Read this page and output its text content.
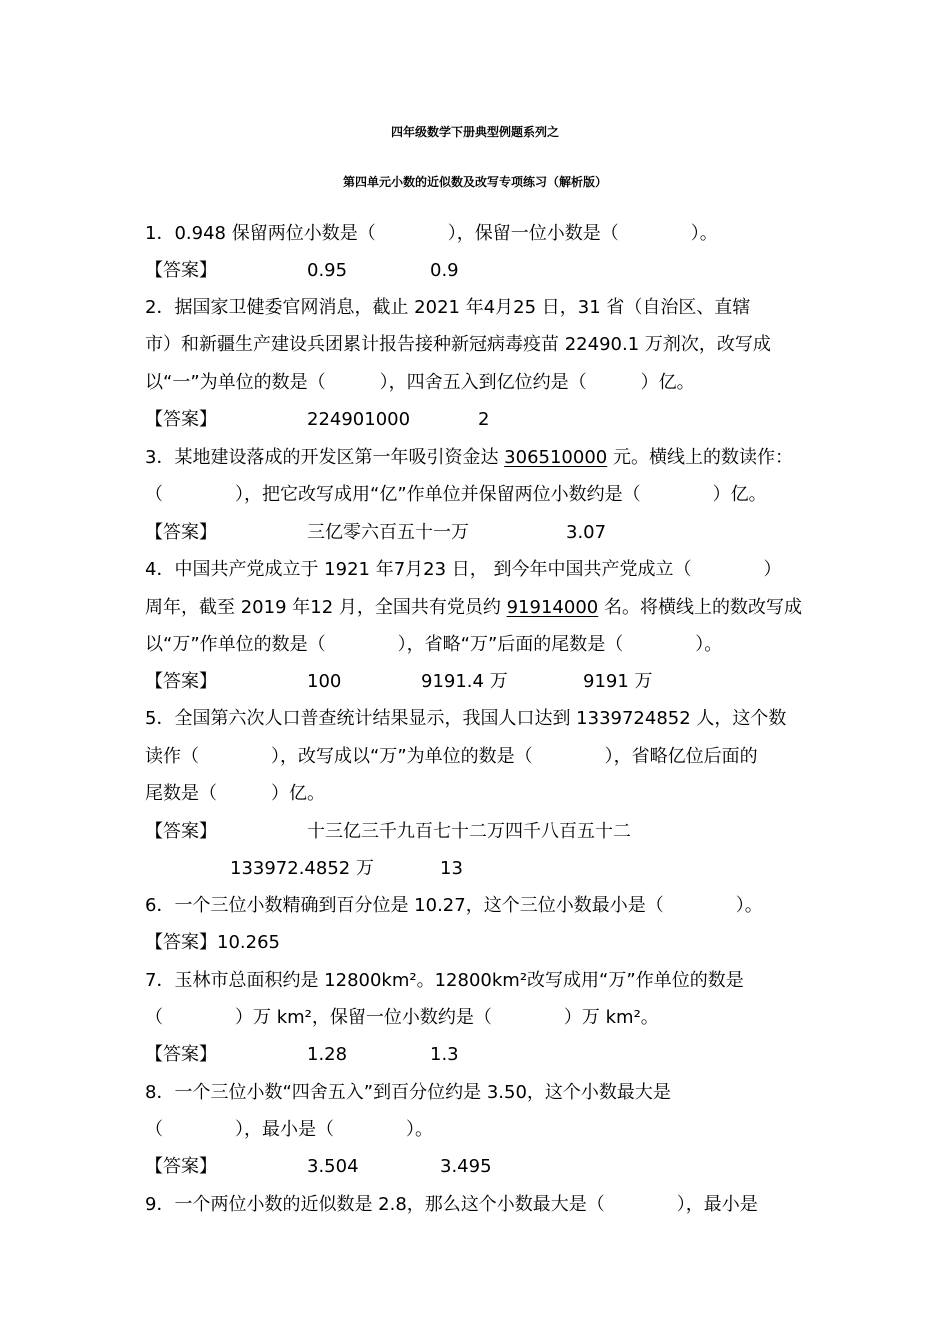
四年级数学下册典型例题系列之
第四单元小数的近似数及改写专项练习（解析版）
1．0.948 保留两位小数是（　　　　），保留一位小数是（　　　　）。
【答案】	0.95	0.9
2．据国家卫健委官网消息，截止 2021 年4月25 日，31 省（自治区、直辖
市）和新疆生产建设兵团累计报告接种新冠病毒疫苗 22490.1 万剂次，改写成
以“一”为单位的数是（　　　），四舍五入到亿位约是（　　　）亿。
【答案】	224901000	2
3．某地建设落成的开发区第一年吸引资金达 306510000 元。横线上的数读作：
（　　　　），把它改写成用“亿”作单位并保留两位小数约是（　　　　）亿。
【答案】	三亿零六百五十一万	3.07
4．中国共产党成立于 1921 年7月23 日， 到今年中国共产党成立（　　　　）
周年，截至 2019 年12 月，全国共有党员约 91914000 名。将横线上的数改写成
以“万”作单位的数是（　　　　），省略“万”后面的尾数是（　　　　）。
【答案】	100	9191.4 万	9191 万
5．全国第六次人口普查统计结果显示，我国人口达到 1339724852 人，这个数
读作（　　　　），改写成以“万”为单位的数是（　　　　），省略亿位后面的
尾数是（　　　）亿。
【答案】	十三亿三千九百七十二万四千八百五十二
133972.4852 万	13
6．一个三位小数精确到百分位是 10.27，这个三位小数最小是（　　　　）。
【答案】 10.265
7．玉林市总面积约是 12800km²。12800km²改写成用“万”作单位的数是
（　　　　）万 km²，保留一位小数约是（　　　　）万 km²。
【答案】	1.28	1.3
8．一个三位小数“四舍五入”到百分位约是 3.50，这个小数最大是
（　　　　），最小是（　　　　）。
【答案】	3.504	3.495
9．一个两位小数的近似数是 2.8，那么这个小数最大是（　　　　），最小是
